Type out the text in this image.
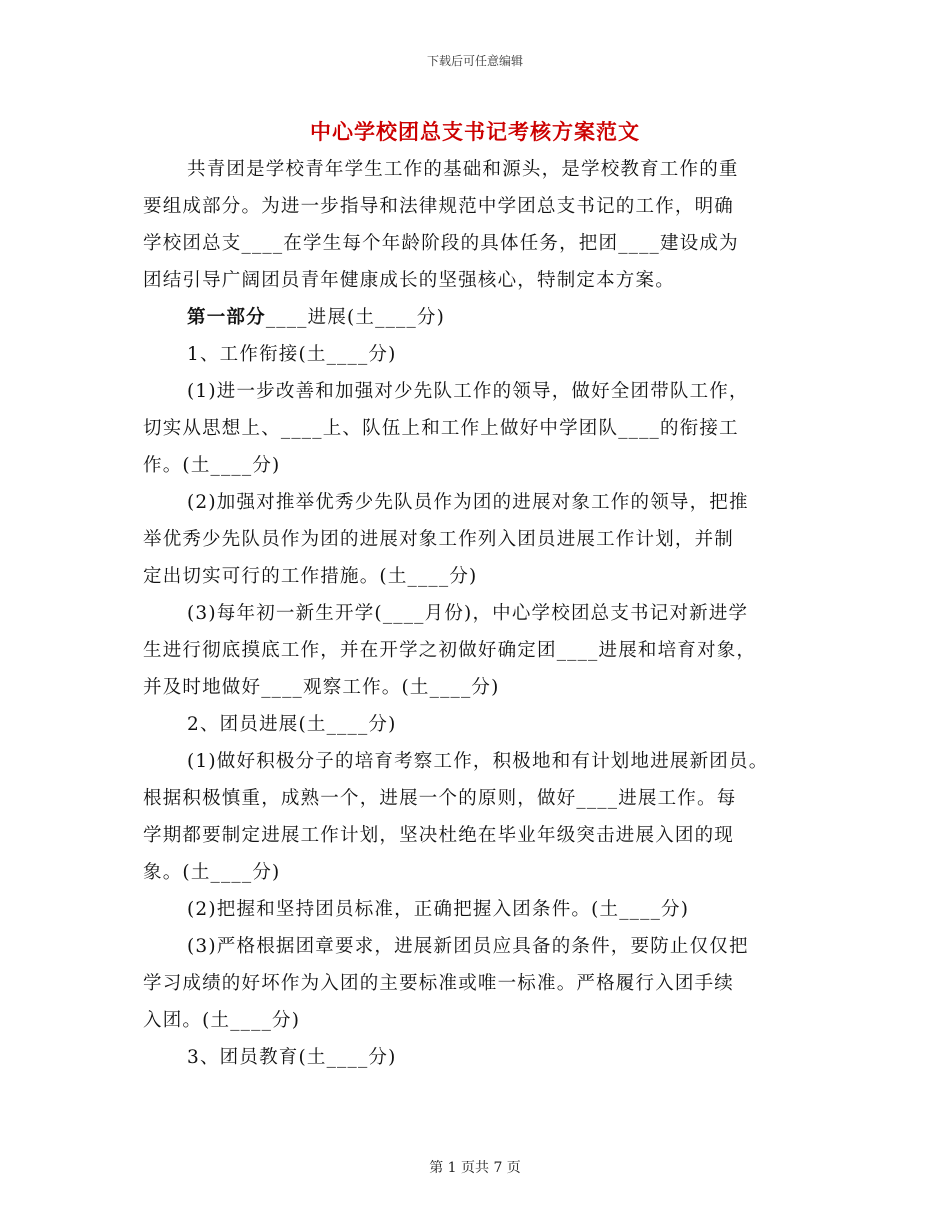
下载后可任意编辑
中心学校团总支书记考核方案范文
共青团是学校青年学生工作的基础和源头，是学校教育工作的重
要组成部分。为进一步指导和法律规范中学团总支书记的工作，明确
学校团总支____在学生每个年龄阶段的具体任务，把团____建设成为
团结引导广阔团员青年健康成长的坚强核心，特制定本方案。
第一部分____进展(土____分)
1、工作衔接(土____分)
(1)进一步改善和加强对少先队工作的领导，做好全团带队工作，
切实从思想上、____上、队伍上和工作上做好中学团队____的衔接工
作。(土____分)
(2)加强对推举优秀少先队员作为团的进展对象工作的领导，把推
举优秀少先队员作为团的进展对象工作列入团员进展工作计划，并制
定出切实可行的工作措施。(土____分)
(3)每年初一新生开学(____月份)，中心学校团总支书记对新进学
生进行彻底摸底工作，并在开学之初做好确定团____进展和培育对象，
并及时地做好____观察工作。(土____分)
2、团员进展(土____分)
(1)做好积极分子的培育考察工作，积极地和有计划地进展新团员。
根据积极慎重，成熟一个，进展一个的原则，做好____进展工作。每
学期都要制定进展工作计划，坚决杜绝在毕业年级突击进展入团的现
象。(土____分)
(2)把握和坚持团员标准，正确把握入团条件。(土____分)
(3)严格根据团章要求，进展新团员应具备的条件，要防止仅仅把
学习成绩的好坏作为入团的主要标准或唯一标准。严格履行入团手续
入团。(土____分)
3、团员教育(土____分)
第 1 页共 7 页
